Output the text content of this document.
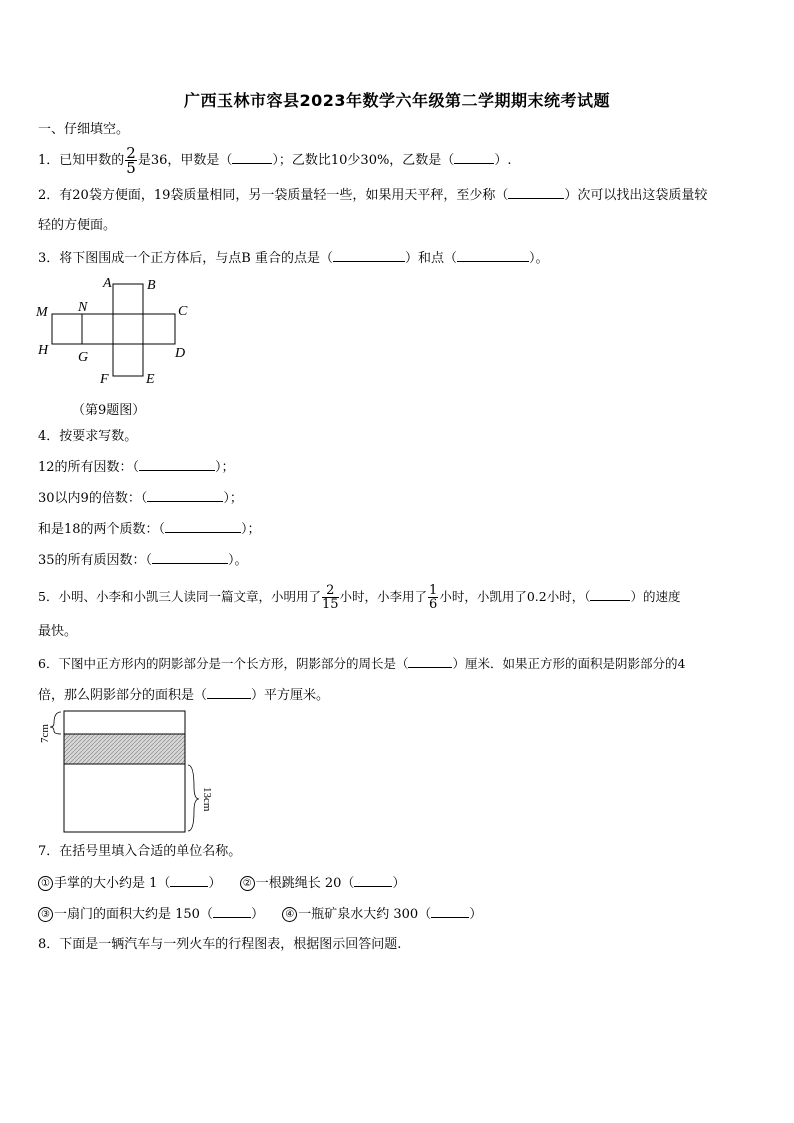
广西玉林市容县2023年数学六年级第二学期期末统考试题
一、仔细填空。
1．已知甲数的 $\frac{2}{5}$ 是36，甲数是（	）；乙数比10少30%，乙数是（	）.
2．有20袋方便面，19袋质量相同，另一袋质量轻一些，如果用天平秤，至少称（	）次可以找出这袋质量较
轻的方便面。
3．将下图围成一个正方体后，与点B 重合的点是（	）和点（	）。
A	B
C
D
E
F
G
H
M N
（第9题图）
4．按要求写数。
12的所有因数：（	）；
30以内9的倍数：（	）；
和是18的两个质数：（	）；
35的所有质因数：（	）。
5．小明、小李和小凯三人读同一篇文章，小明用了 $\frac{2}{15}$ 小时，小李用了 $\frac{1}{6}$ 小时，小凯用了0.2小时，（	）的速度
最快。
6．下图中正方形内的阴影部分是一个长方形，阴影部分的周长是（	）厘米．如果正方形的面积是阴影部分的4
倍，那么阴影部分的面积是（	）平方厘米。
7cm
13cm
7．在括号里填入合适的单位名称。
① 手掌的大小约是 1（	） ② 一根跳绳长 20（	）
③ 一扇门的面积大约是 150（	） ④ 一瓶矿泉水大约 300（	）
8．下面是一辆汽车与一列火车的行程图表，根据图示回答问题.
